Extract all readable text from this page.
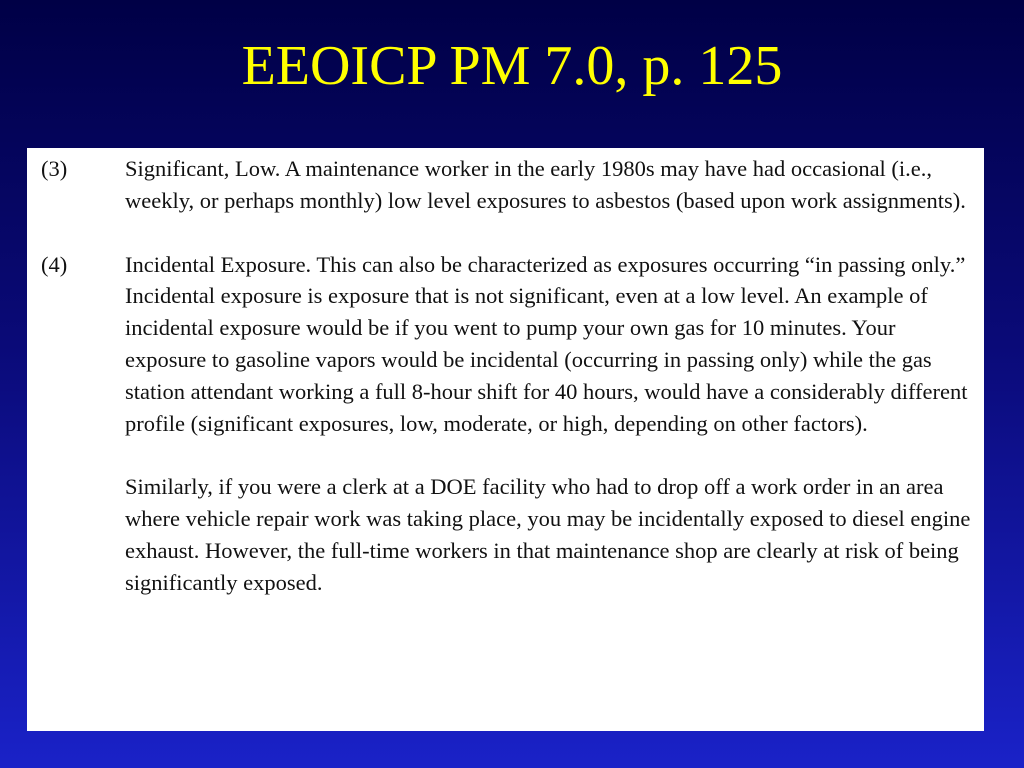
EEOICP PM 7.0, p. 125
(3)	Significant, Low. A maintenance worker in the early 1980s may have had occasional (i.e., weekly, or perhaps monthly) low level exposures to asbestos (based upon work assignments).

(4)	Incidental Exposure. This can also be characterized as exposures occurring “in passing only.” Incidental exposure is exposure that is not significant, even at a low level. An example of incidental exposure would be if you went to pump your own gas for 10 minutes. Your exposure to gasoline vapors would be incidental (occurring in passing only) while the gas station attendant working a full 8-hour shift for 40 hours, would have a considerably different profile (significant exposures, low, moderate, or high, depending on other factors).

Similarly, if you were a clerk at a DOE facility who had to drop off a work order in an area where vehicle repair work was taking place, you may be incidentally exposed to diesel engine exhaust. However, the full-time workers in that maintenance shop are clearly at risk of being significantly exposed.
